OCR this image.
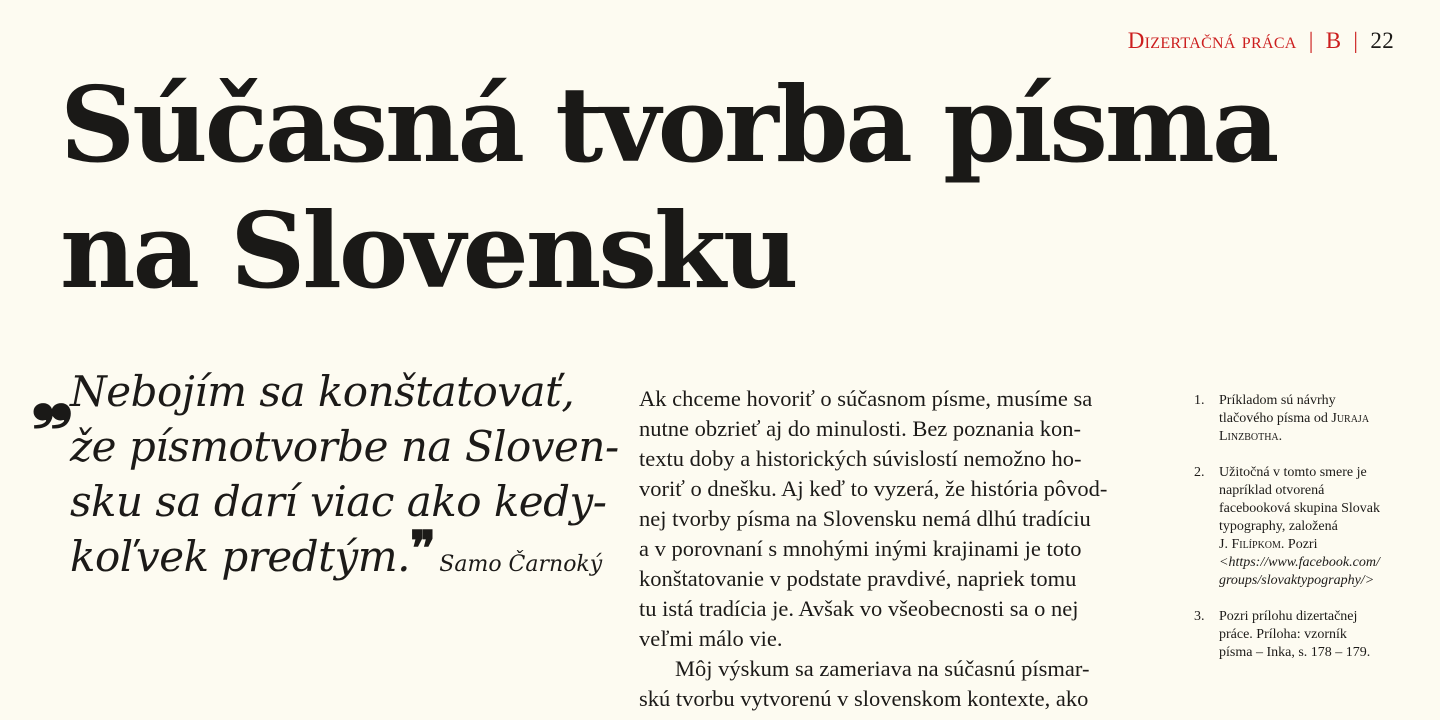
Dizertačná práca | B | 22
Súčasná tvorba písma
na Slovensku
❠
Nebojím sa konštatovať,
že písmotvorbe na Sloven-
sku sa darí viac ako kedy-
koľvek predtým.❞ Samo Čarnoký
Ak chceme hovoriť o súčasnom písme, musíme sa
nutne obzrieť aj do minulosti. Bez poznania kon-
textu doby a historických súvislostí nemožno ho-
voriť o dnešku. Aj keď to vyzerá, že história pôvod-
nej tvorby písma na Slovensku nemá dlhú tradíciu
a v porovnaní s mnohými inými krajinami je toto
konštatovanie v podstate pravdivé, napriek tomu
tu istá tradícia je. Avšak vo všeobecnosti sa o nej
veľmi málo vie.
Môj výskum sa zameriava na súčasnú písmar-
skú tvorbu vytvorenú v slovenskom kontexte, ako
1. Príkladom sú návrhy
tlačového písma od Juraja
Linzbotha.
2. Užitočná v tomto smere je
napríklad otvorená
facebooková skupina Slovak
typography, založená
J. Filípkom. Pozri
<https://www.facebook.com/
groups/slovaktypography/>
3. Pozri prílohu dizertačnej
práce. Príloha: vzorník
písma – Inka, s. 178 – 179.
